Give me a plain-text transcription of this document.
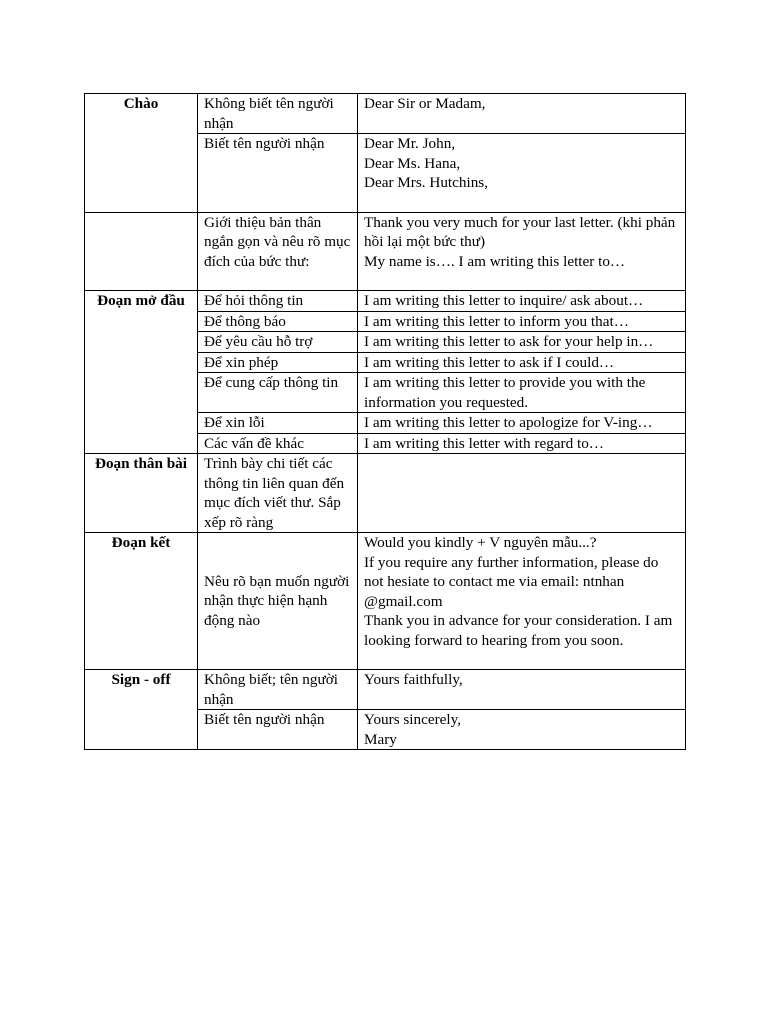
Chào	Không biết tên người nhận	Dear Sir or Madam,

	Biết tên người nhận	Dear Mr. John,
Dear Ms. Hana,
Dear Mrs. Hutchins,

	Giới thiệu bản thân ngắn gọn và nêu rõ mục đích của bức thư:	Thank you very much for your last letter. (khi phản hồi lại một bức thư)
My name is…. I am writing this letter to…

Đoạn mở đầu	Để hỏi thông tin	I am writing this letter to inquire/ ask about…
	Để thông báo	I am writing this letter to inform you that…
	Để yêu cầu hỗ trợ	I am writing this letter to ask for your help in…
	Để xin phép	I am writing this letter to ask if I could…
	Để cung cấp thông tin	I am writing this letter to provide you with the information you requested.
	Để xin lỗi	I am writing this letter to apologize for V-ing…
	Các vấn đề khác	I am writing this letter with regard to…
Đoạn thân bài	Trình bày chi tiết các thông tin liên quan đến mục đích viết thư. Sắp xếp rõ ràng	
Đoạn kết	Nêu rõ bạn muốn người nhận thực hiện hạnh động nào	Would you kindly + V nguyên mẫu...?
If you require any further information, please do not hesiate to contact me via email: ntnhan @gmail.com
Thank you in advance for your consideration. I am looking forward to hearing from you soon.

Sign - off	Không biết; tên người nhận	Yours faithfully,

	Biết tên người nhận	Yours sincerely,
Mary
